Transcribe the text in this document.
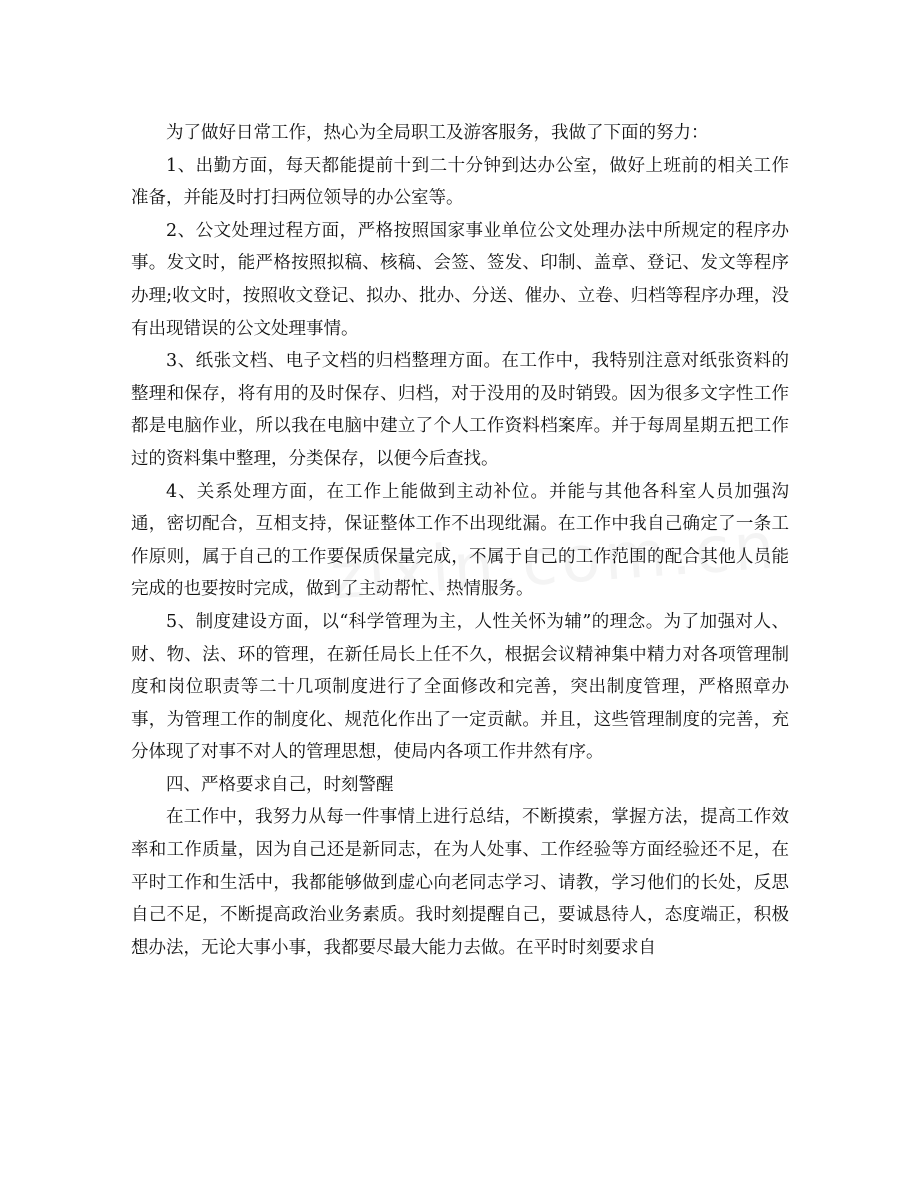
为了做好日常工作，热心为全局职工及游客服务，我做了下面的努力：

1、出勤方面，每天都能提前十到二十分钟到达办公室，做好上班前的相关工作准备，并能及时打扫两位领导的办公室等。

2、公文处理过程方面，严格按照国家事业单位公文处理办法中所规定的程序办事。发文时，能严格按照拟稿、核稿、会签、签发、印制、盖章、登记、发文等程序办理;收文时，按照收文登记、拟办、批办、分送、催办、立卷、归档等程序办理，没有出现错误的公文处理事情。

3、纸张文档、电子文档的归档整理方面。在工作中，我特别注意对纸张资料的整理和保存，将有用的及时保存、归档，对于没用的及时销毁。因为很多文字性工作都是电脑作业，所以我在电脑中建立了个人工作资料档案库。并于每周星期五把工作过的资料集中整理，分类保存，以便今后查找。

4、关系处理方面，在工作上能做到主动补位。并能与其他各科室人员加强沟通，密切配合，互相支持，保证整体工作不出现纰漏。在工作中我自己确定了一条工作原则，属于自己的工作要保质保量完成，不属于自己的工作范围的配合其他人员能完成的也要按时完成，做到了主动帮忙、热情服务。

5、制度建设方面，以“科学管理为主，人性关怀为辅”的理念。为了加强对人、财、物、法、环的管理，在新任局长上任不久，根据会议精神集中精力对各项管理制度和岗位职责等二十几项制度进行了全面修改和完善，突出制度管理，严格照章办事，为管理工作的制度化、规范化作出了一定贡献。并且，这些管理制度的完善，充分体现了对事不对人的管理思想，使局内各项工作井然有序。

四、严格要求自己，时刻警醒

在工作中，我努力从每一件事情上进行总结，不断摸索，掌握方法，提高工作效率和工作质量，因为自己还是新同志，在为人处事、工作经验等方面经验还不足，在平时工作和生活中，我都能够做到虚心向老同志学习、请教，学习他们的长处，反思自己不足，不断提高政治业务素质。我时刻提醒自己，要诚恳待人，态度端正，积极想办法，无论大事小事，我都要尽最大能力去做。在平时时刻要求自
